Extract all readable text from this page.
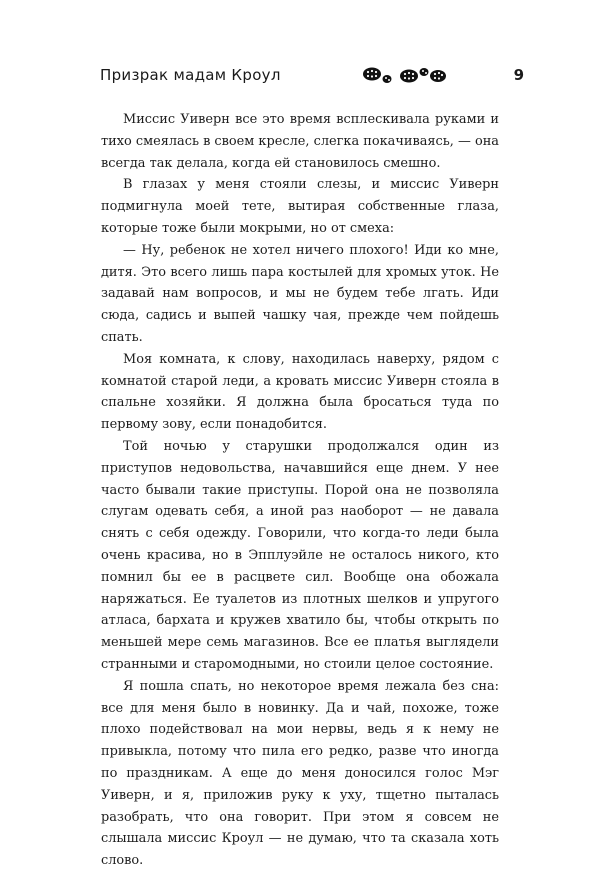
Призрак мадам Кроул	9

Миссис Уиверн все это время всплескивала руками и тихо смеялась в своем кресле, слегка покачиваясь, — она всегда так делала, когда ей становилось смешно.

В глазах у меня стояли слезы, и миссис Уиверн подмигнула моей тете, вытирая собственные глаза, которые тоже были мокрыми, но от смеха:

— Ну, ребенок не хотел ничего плохого! Иди ко мне, дитя. Это всего лишь пара костылей для хромых уток. Не задавай нам вопросов, и мы не будем тебе лгать. Иди сюда, садись и выпей чашку чая, прежде чем пойдешь спать.

Моя комната, к слову, находилась наверху, рядом с комнатой старой леди, а кровать миссис Уиверн стояла в спальне хозяйки. Я должна была бросаться туда по первому зову, если понадобится.

Той ночью у старушки продолжался один из приступов недовольства, начавшийся еще днем. У нее часто бывали такие приступы. Порой она не позволяла слугам одевать себя, а иной раз наоборот — не давала снять с себя одежду. Говорили, что когда-то леди была очень красива, но в Эпплуэйле не осталось никого, кто помнил бы ее в расцвете сил. Вообще она обожала наряжаться. Ее туалетов из плотных шелков и упругого атласа, бархата и кружев хватило бы, чтобы открыть по меньшей мере семь магазинов. Все ее платья выглядели странными и старомодными, но стоили целое состояние.

Я пошла спать, но некоторое время лежала без сна: все для меня было в новинку. Да и чай, похоже, тоже плохо подействовал на мои нервы, ведь я к нему не привыкла, потому что пила его редко, разве что иногда по праздникам. А еще до меня доносился голос Мэг Уиверн, и я, приложив руку к уху, тщетно пыталась разобрать, что она говорит. При этом я совсем не слышала миссис Кроул — не думаю, что та сказала хоть слово.
